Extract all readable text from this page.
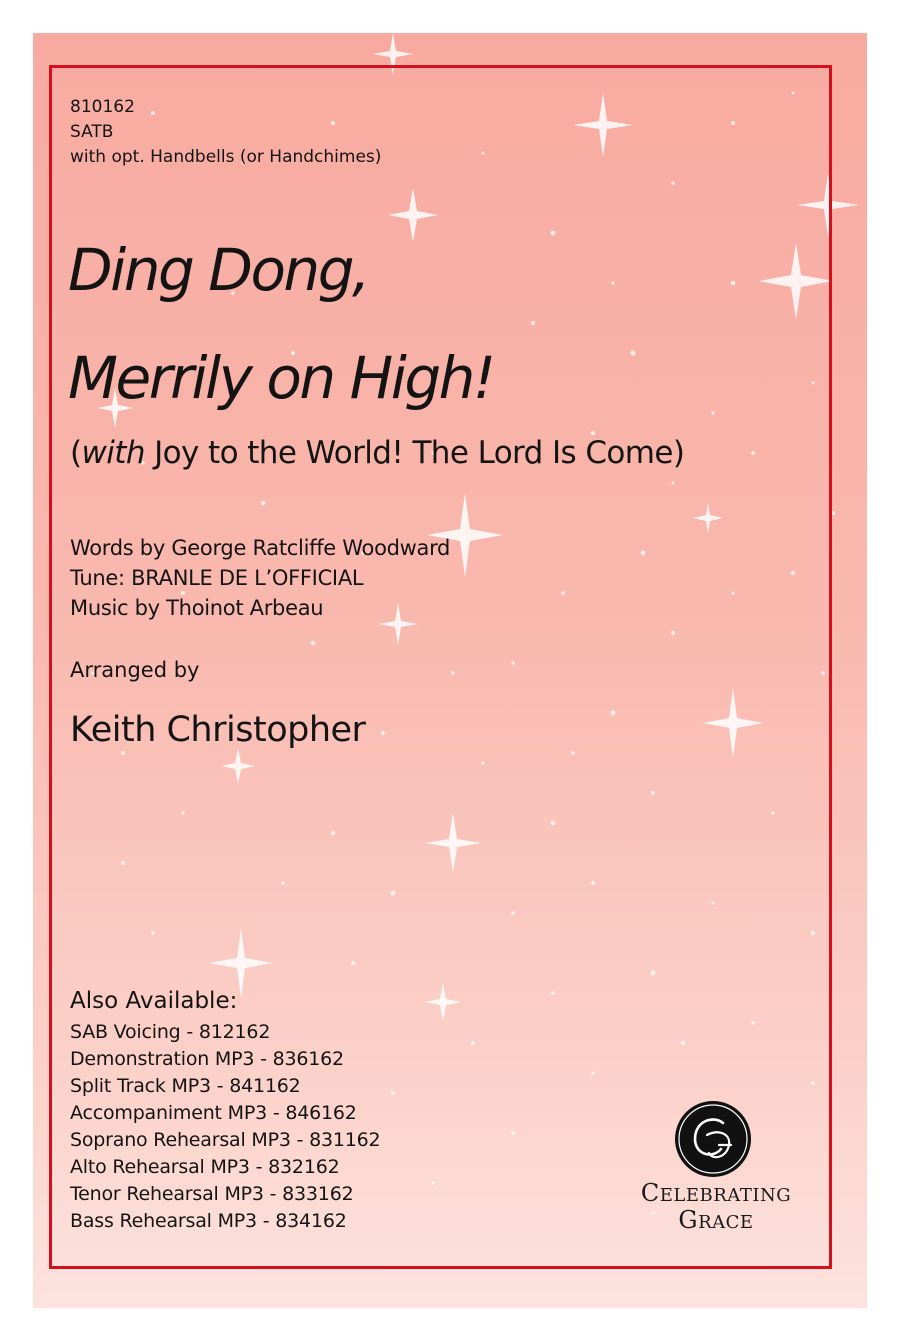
810162
SATB
with opt. Handbells (or Handchimes)
Ding Dong,
Merrily on High!
(with Joy to the World! The Lord Is Come)
Words by George Ratcliffe Woodward
Tune: BRANLE DE L’OFFICIAL
Music by Thoinot Arbeau
Arranged by
Keith Christopher
Also Available:
SAB Voicing - 812162
Demonstration MP3 - 836162
Split Track MP3 - 841162
Accompaniment MP3 - 846162
Soprano Rehearsal MP3 - 831162
Alto Rehearsal MP3 - 832162
Tenor Rehearsal MP3 - 833162
Bass Rehearsal MP3 - 834162
CELEBRATING
GRACE
